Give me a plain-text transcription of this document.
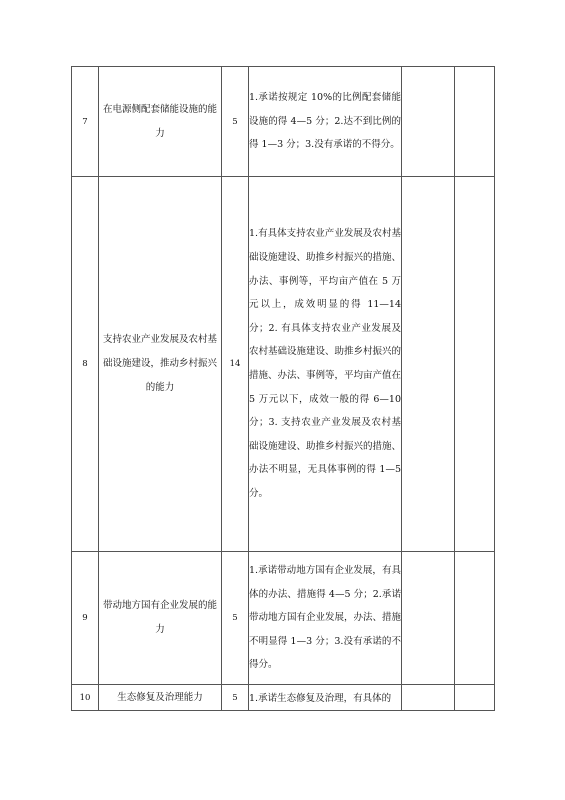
7	在电源侧配套储能设施的能力	5	1.承诺按规定 10%的比例配套储能设施的得 4—5 分；2.达不到比例的得 1—3 分；3.没有承诺的不得分。		
8	支持农业产业发展及农村基础设施建设，推动乡村振兴的能力	14	1.有具体支持农业产业发展及农村基础设施建设、助推乡村振兴的措施、办法、事例等，平均亩产值在 5 万元以上，成效明显的得 11—14 分；2. 有具体支持农业产业发展及农村基础设施建设、助推乡村振兴的措施、办法、事例等，平均亩产值在 5 万元以下，成效一般的得 6—10 分；3. 支持农业产业发展及农村基础设施建设、助推乡村振兴的措施、办法不明显，无具体事例的得 1—5 分。		
9	带动地方国有企业发展的能力	5	1.承诺带动地方国有企业发展，有具体的办法、措施得 4—5 分；2.承诺带动地方国有企业发展，办法、措施不明显得 1—3 分；3.没有承诺的不得分。		
10	生态修复及治理能力	5	1.承诺生态修复及治理，有具体的		
